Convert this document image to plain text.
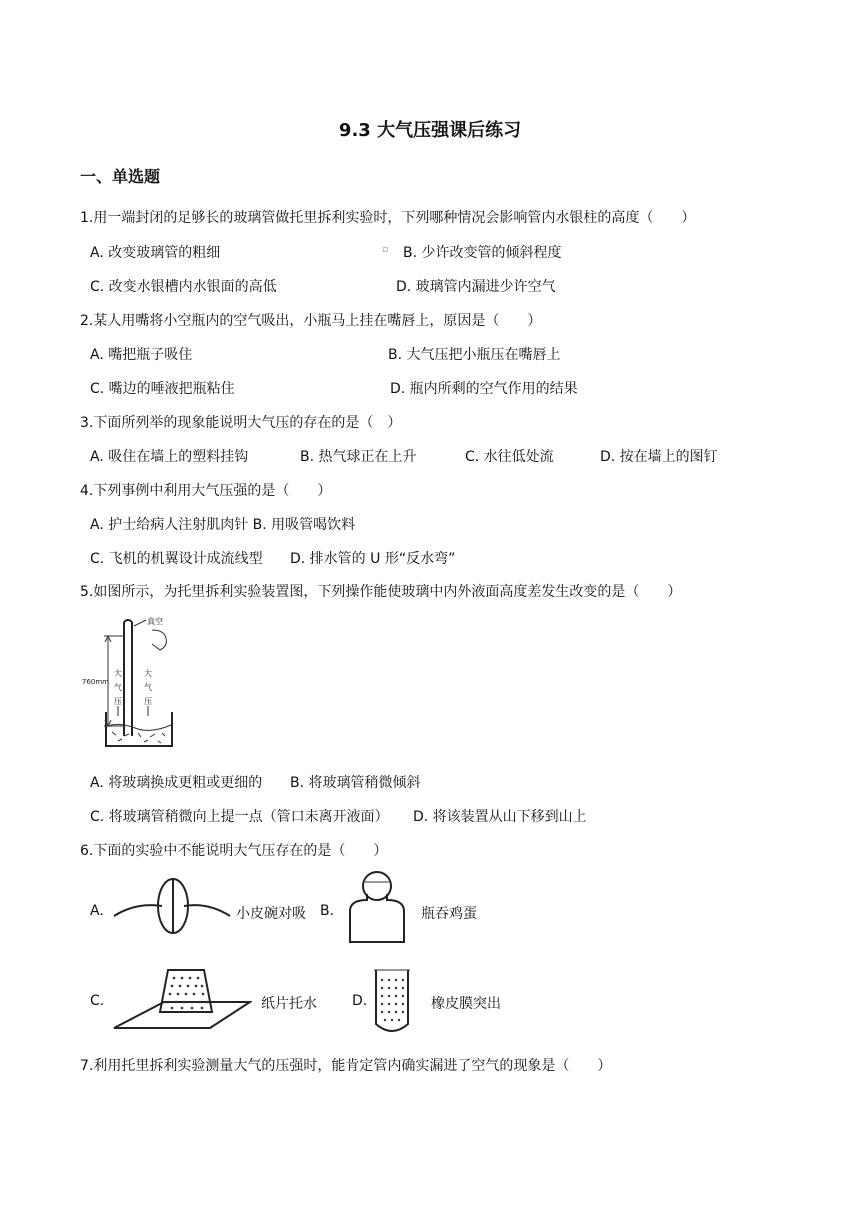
9.3 大气压强课后练习
一、单选题
1.用一端封闭的足够长的玻璃管做托里拆利实验时，下列哪种情况会影响管内水银柱的高度（　　）
A. 改变玻璃管的粗细	▫ B. 少许改变管的倾斜程度
C. 改变水银槽内水银面的高低	D. 玻璃管内漏进少许空气
2.某人用嘴将小空瓶内的空气吸出，小瓶马上挂在嘴唇上，原因是（　　）
A. 嘴把瓶子吸住	B. 大气压把小瓶压在嘴唇上
C. 嘴边的唾液把瓶粘住	D. 瓶内所剩的空气作用的结果
3.下面所列举的现象能说明大气压的存在的是（　）
A. 吸住在墙上的塑料挂钩	B. 热气球正在上升	C. 水往低处流	D. 按在墙上的图钉
4.下列事例中利用大气压强的是（　　）
A. 护士给病人注射肌肉针 B. 用吸管喝饮料
C. 飞机的机翼设计成流线型 D. 排水管的 U 形“反水弯”
5.如图所示，为托里拆利实验装置图，下列操作能使玻璃中内外液面高度差发生改变的是（　　）
真空
760mm
大
气
压
大
气
压
A. 将玻璃换成更粗或更细的 B. 将玻璃管稍微倾斜
C. 将玻璃管稍微向上提一点（管口未离开液面） D. 将该装置从山下移到山上
6.下面的实验中不能说明大气压存在的是（　　）
A.	小皮碗对吸 B.	瓶吞鸡蛋
C.	纸片托水	D.	橡皮膜突出
7.利用托里拆利实验测量大气的压强时，能肯定管内确实漏进了空气的现象是（　　）
